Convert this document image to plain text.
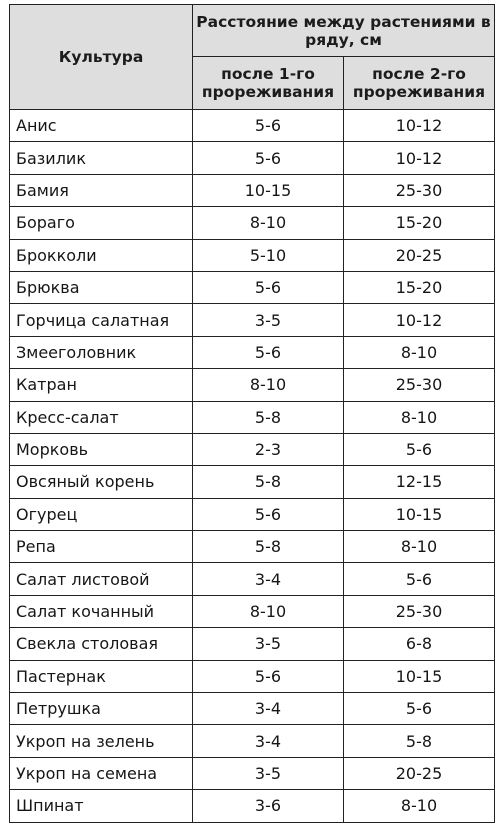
Культура	Расстояние между растениями в ряду, см	
	после 1-го прореживания	после 2-го прореживания
Анис	5-6	10-12
Базилик	5-6	10-12
Бамия	10-15	25-30
Бораго	8-10	15-20
Брокколи	5-10	20-25
Брюква	5-6	15-20
Горчица салатная	3-5	10-12
Змееголовник	5-6	8-10
Катран	8-10	25-30
Кресс-салат	5-8	8-10
Морковь	2-3	5-6
Овсяный корень	5-8	12-15
Огурец	5-6	10-15
Репа	5-8	8-10
Салат листовой	3-4	5-6
Салат кочанный	8-10	25-30
Свекла столовая	3-5	6-8
Пастернак	5-6	10-15
Петрушка	3-4	5-6
Укроп на зелень	3-4	5-8
Укроп на семена	3-5	20-25
Шпинат	3-6	8-10
